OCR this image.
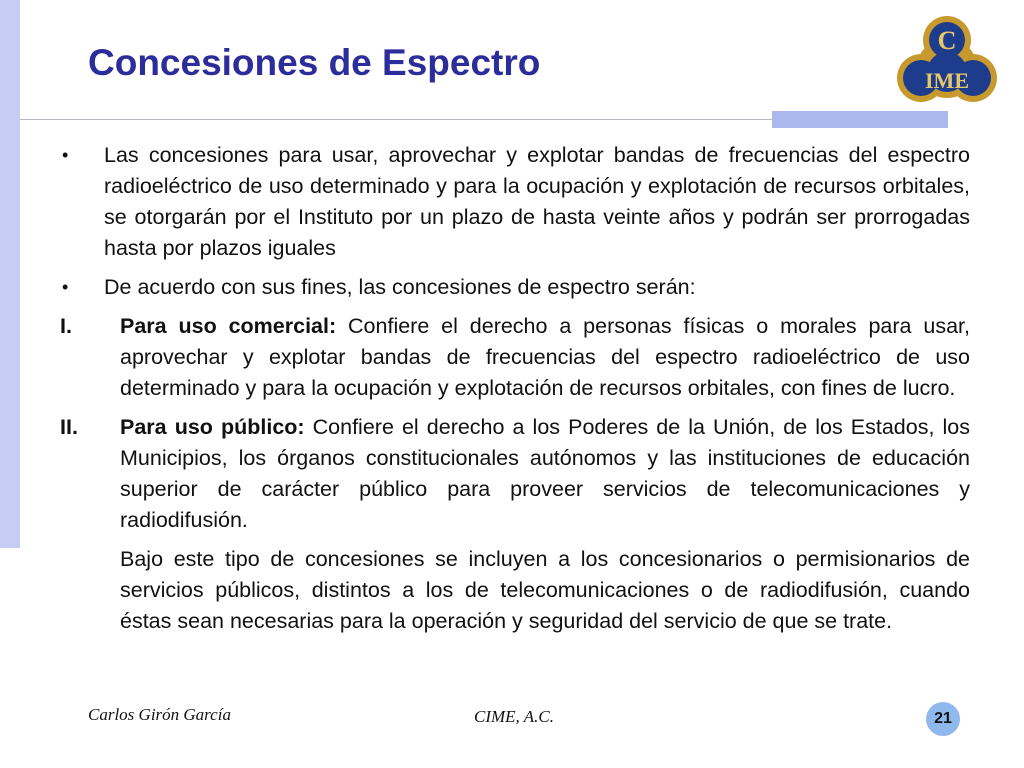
Concesiones de Espectro
C
IME
•	Las concesiones para usar, aprovechar y explotar bandas de frecuencias del espectro radioeléctrico de uso determinado y para la ocupación y explotación de recursos orbitales, se otorgarán por el Instituto por un plazo de hasta veinte años y podrán ser prorrogadas hasta por plazos iguales
•	De acuerdo con sus fines, las concesiones de espectro serán:
I.	Para uso comercial: Confiere el derecho a personas físicas o morales para usar, aprovechar y explotar bandas de frecuencias del espectro radioeléctrico de uso determinado y para la ocupación y explotación de recursos orbitales, con fines de lucro.
II.	Para uso público: Confiere el derecho a los Poderes de la Unión, de los Estados, los Municipios, los órganos constitucionales autónomos y las instituciones de educación superior de carácter público para proveer servicios de telecomunicaciones y radiodifusión.
Bajo este tipo de concesiones se incluyen a los concesionarios o permisionarios de servicios públicos, distintos a los de telecomunicaciones o de radiodifusión, cuando éstas sean necesarias para la operación y seguridad del servicio de que se trate.
Carlos Girón García	CIME, A.C.	21
